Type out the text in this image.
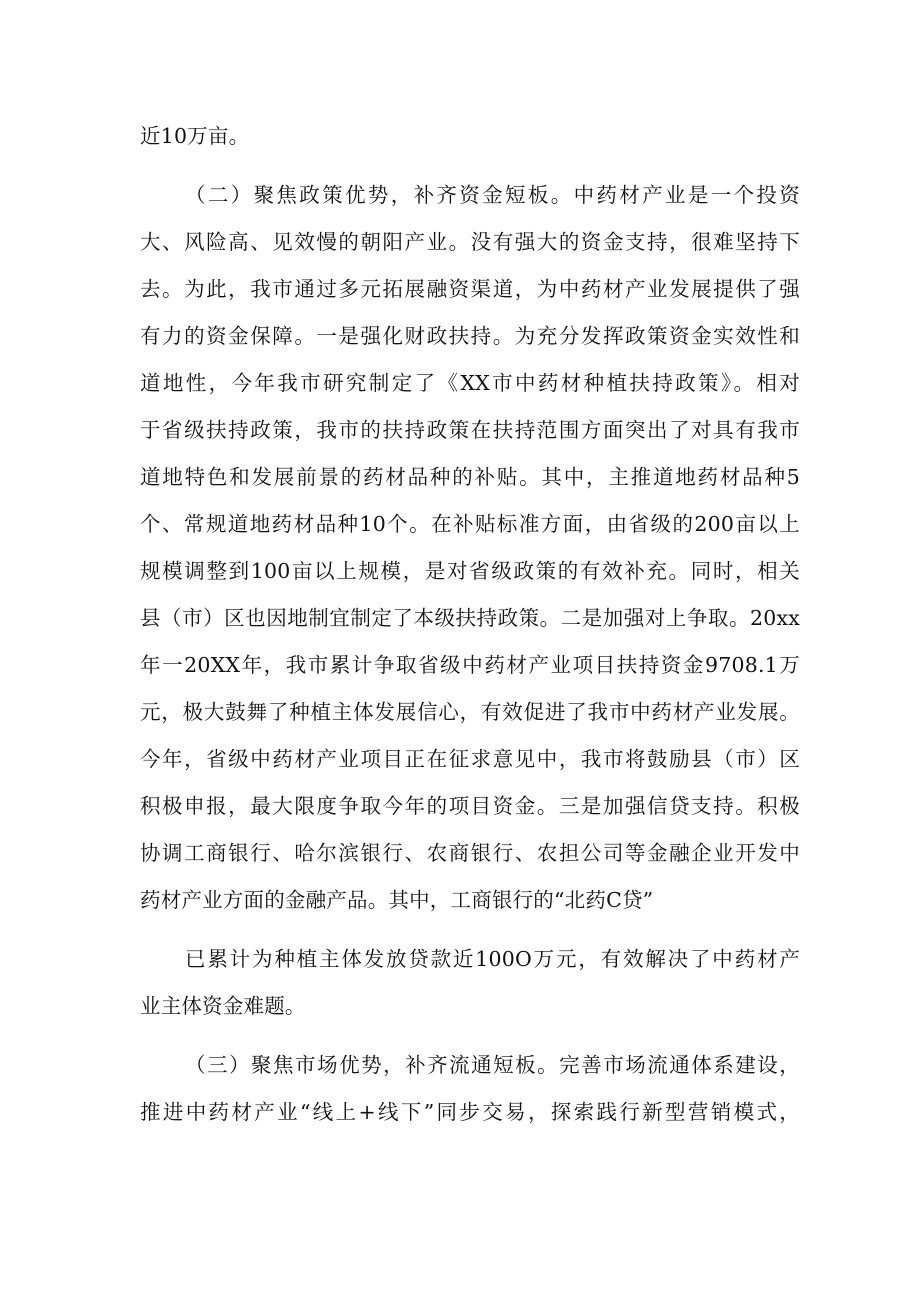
近10万亩。
（二）聚焦政策优势，补齐资金短板。中药材产业是一个投资
大、风险高、见效慢的朝阳产业。没有强大的资金支持，很难坚持下
去。为此，我市通过多元拓展融资渠道，为中药材产业发展提供了强
有力的资金保障。一是强化财政扶持。为充分发挥政策资金实效性和
道地性，今年我市研究制定了《XX市中药材种植扶持政策》。相对
于省级扶持政策，我市的扶持政策在扶持范围方面突出了对具有我市
道地特色和发展前景的药材品种的补贴。其中，主推道地药材品种5
个、常规道地药材品种10个。在补贴标准方面，由省级的200亩以上
规模调整到100亩以上规模，是对省级政策的有效补充。同时，相关
县（市）区也因地制宜制定了本级扶持政策。二是加强对上争取。20xx
年一20XX年，我市累计争取省级中药材产业项目扶持资金9708.1万
元，极大鼓舞了种植主体发展信心，有效促进了我市中药材产业发展。
今年，省级中药材产业项目正在征求意见中，我市将鼓励县（市）区
积极申报，最大限度争取今年的项目资金。三是加强信贷支持。积极
协调工商银行、哈尔滨银行、农商银行、农担公司等金融企业开发中
药材产业方面的金融产品。其中，工商银行的“北药C贷”
已累计为种植主体发放贷款近100O万元，有效解决了中药材产
业主体资金难题。
（三）聚焦市场优势，补齐流通短板。完善市场流通体系建设，
推进中药材产业“线上+线下”同步交易，探索践行新型营销模式，
